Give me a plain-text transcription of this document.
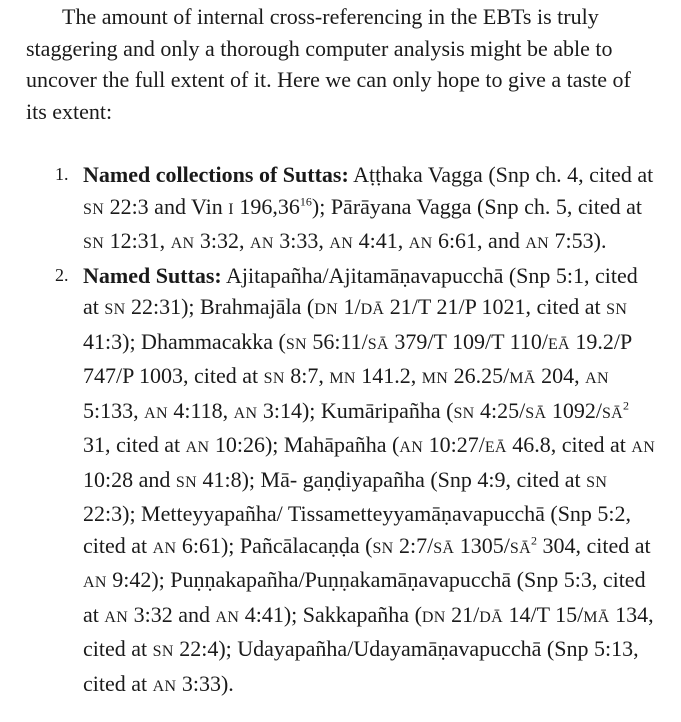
The amount of internal cross-referencing in the EBTs is truly staggering and only a thorough computer analysis might be able to uncover the full extent of it. Here we can only hope to give a taste of its extent:

1. Named collections of Suttas: Aṭṭhaka Vagga (Snp ch. 4, cited at SN 22:3 and Vin I 196,36$^{16}$); Pārāyana Vagga (Snp ch. 5, cited at SN 12:31, AN 3:32, AN 3:33, AN 4:41, AN 6:61, and AN 7:53).
2. Named Suttas: Ajitapañha/Ajitamāṇavapucchā (Snp 5:1, cited at SN 22:31); Brahmajāla (DN 1/DĀ 21/T 21/P 1021, cited at SN 41:3); Dhammacakka (SN 56:11/SĀ 379/T 109/T 110/EĀ 19.2/P 747/P 1003, cited at SN 8:7, MN 141.2, MN 26.25/MĀ 204, AN 5:133, AN 4:118, AN 3:14); Kumāripañha (SN 4:25/SĀ $1092/SĀ^2$ 31, cited at AN 10:26); Mahāpañha (AN 10:27/EĀ 46.8, cited at AN 10:28 and SN 41:8); Mā- gaṇḍiyapañha (Snp 4:9, cited at SN 22:3); Metteyyapañha/ Tissametteyyamāṇavapucchā (Snp 5:2, cited at AN 6:61); Pañcālacaṇḍa (SN 2:7/SĀ $1305/SĀ^2$ 304, cited at AN 9:42); Puṇṇakapañha/Puṇṇakamāṇavapucchā (Snp 5:3, cited at AN 3:32 and AN 4:41); Sakkapañha (DN 21/DĀ 14/T 15/MĀ 134, cited at SN 22:4); Udayapañha/Udayamāṇavapucchā (Snp 5:13, cited at AN 3:33).
